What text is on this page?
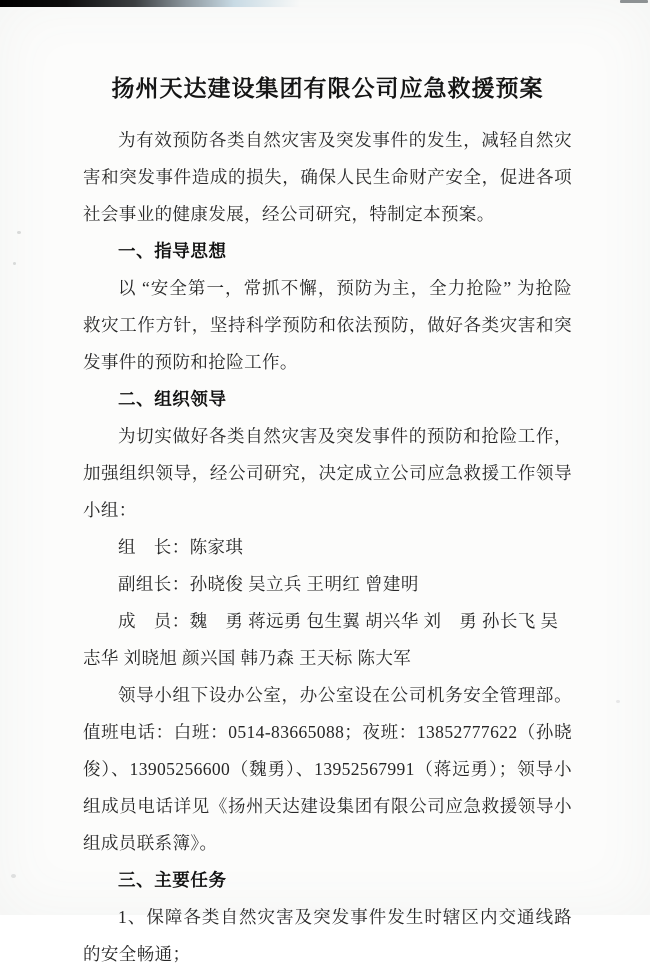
扬州天达建设集团有限公司应急救援预案

为有效预防各类自然灾害及突发事件的发生，减轻自然灾害和突发事件造成的损失，确保人民生命财产安全，促进各项社会事业的健康发展，经公司研究，特制定本预案。

一、指导思想

以 “安全第一，常抓不懈，预防为主，全力抢险” 为抢险救灾工作方针，坚持科学预防和依法预防，做好各类灾害和突发事件的预防和抢险工作。

二、组织领导

为切实做好各类自然灾害及突发事件的预防和抢险工作，加强组织领导，经公司研究，决定成立公司应急救援工作领导小组：

组　长：陈家琪

副组长：孙晓俊 吴立兵 王明红 曾建明

成　员：魏　勇 蒋远勇 包生翼 胡兴华 刘　勇 孙长飞 吴志华 刘晓旭 颜兴国 韩乃森 王天标 陈大军

领导小组下设办公室，办公室设在公司机务安全管理部。值班电话：白班：0514-83665088；夜班：13852777622（孙晓俊）、13905256600（魏勇）、13952567991（蒋远勇）；领导小组成员电话详见《扬州天达建设集团有限公司应急救援领导小组成员联系簿》。

三、主要任务

1、保障各类自然灾害及突发事件发生时辖区内交通线路的安全畅通；
